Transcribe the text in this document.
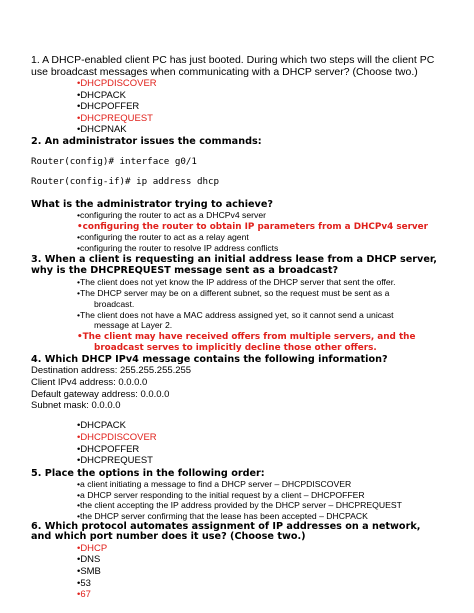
1. A DHCP-enabled client PC has just booted. During which two steps will the client PC
use broadcast messages when communicating with a DHCP server? (Choose two.)
•DHCPDISCOVER
•DHCPACK
•DHCPOFFER
•DHCPREQUEST
•DHCPNAK
2. An administrator issues the commands:
Router(config)# interface g0/1
Router(config-if)# ip address dhcp
What is the administrator trying to achieve?
•configuring the router to act as a DHCPv4 server
•configuring the router to obtain IP parameters from a DHCPv4 server
•configuring the router to act as a relay agent
•configuring the router to resolve IP address conflicts
3. When a client is requesting an initial address lease from a DHCP server,
why is the DHCPREQUEST message sent as a broadcast?
•The client does not yet know the IP address of the DHCP server that sent the offer.
•The DHCP server may be on a different subnet, so the request must be sent as a
broadcast.
•The client does not have a MAC address assigned yet, so it cannot send a unicast
message at Layer 2.
•The client may have received offers from multiple servers, and the
broadcast serves to implicitly decline those other offers.
4. Which DHCP IPv4 message contains the following information?
Destination address: 255.255.255.255
Client IPv4 address: 0.0.0.0
Default gateway address: 0.0.0.0
Subnet mask: 0.0.0.0
•DHCPACK
•DHCPDISCOVER
•DHCPOFFER
•DHCPREQUEST
5. Place the options in the following order:
•a client initiating a message to find a DHCP server – DHCPDISCOVER
•a DHCP server responding to the initial request by a client – DHCPOFFER
•the client accepting the IP address provided by the DHCP server – DHCPREQUEST
•the DHCP server confirming that the lease has been accepted – DHCPACK
6. Which protocol automates assignment of IP addresses on a network,
and which port number does it use? (Choose two.)
•DHCP
•DNS
•SMB
•53
•67
